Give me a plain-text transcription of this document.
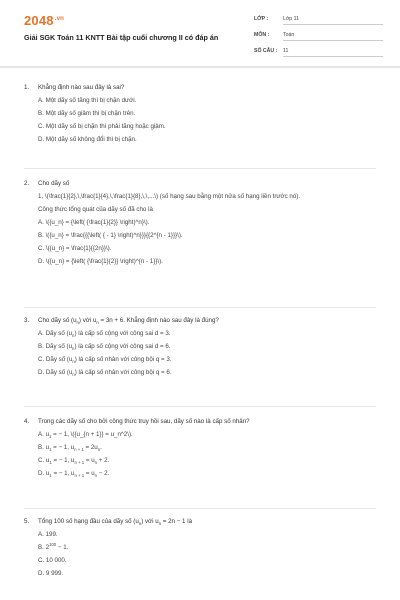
$2048^{.vn}$
Giải SGK Toán 11 KNTT Bài tập cuối chương II có đáp án
LỚP :	Lớp 11
MÔN :	Toán
SỐ CÂU : 11
1. Khẳng định nào sau đây là sai?
A. Một dãy số tăng thì bị chặn dưới.
B. Một dãy số giảm thì bị chặn trên.
C. Một dãy số bị chặn thì phải tăng hoặc giảm.
D. Một dãy số không đổi thì bị chặn.
2. Cho dãy số
1, \(\frac{1}{2},\,\frac{1}{4},\,\frac{1}{8},\,\,...\) (số hạng sau bằng một nửa số hạng liền trước nó).
Công thức tổng quát của dãy số đã cho là
A. \({u_n} = {\left( {\frac{1}{2}} \right)^n}\).
B. \({u_n} = \frac{{{\left( { - 1} \right)^n}}}{{2^{n - 1}}}\).
C. \({u_n} = \frac{1}{{2n}}\).
D. \({u_n} = {\left( {\frac{1}{2}} \right)^{n - 1}}\).
3. Cho dãy số $(u_n)$ với $u_n = 3n + 6$. Khẳng định nào sau đây là đúng?
A. Dãy số $(u_n)$ là cấp số cộng với công sai d = 3.
B. Dãy số $(u_n)$ là cấp số cộng với công sai d = 6.
C. Dãy số $(u_n)$ là cấp số nhân với công bội q = 3.
D. Dãy số $(u_n)$ là cấp số nhân với công bội q = 6.
4. Trong các dãy số cho bởi công thức truy hồi sau, dãy số nào là cấp số nhân?
A. $u_1$ = − 1, \({u_{n + 1}} = u_n^2\).
B. $u_1$ = − 1, $u_{n + 1} = 2u_n$.
C. $u_1$ = − 1, $u_{n + 1} = u_n + 2$.
D. $u_1$ = − 1, $u_{n + 1} = u_n - 2$.
5. Tổng 100 số hạng đầu của dãy số $(u_n)$ với $u_n = 2n - 1$ là
A. 199.
B. $2^{100} - 1$.
C. 10 000.
D. 9 999.
